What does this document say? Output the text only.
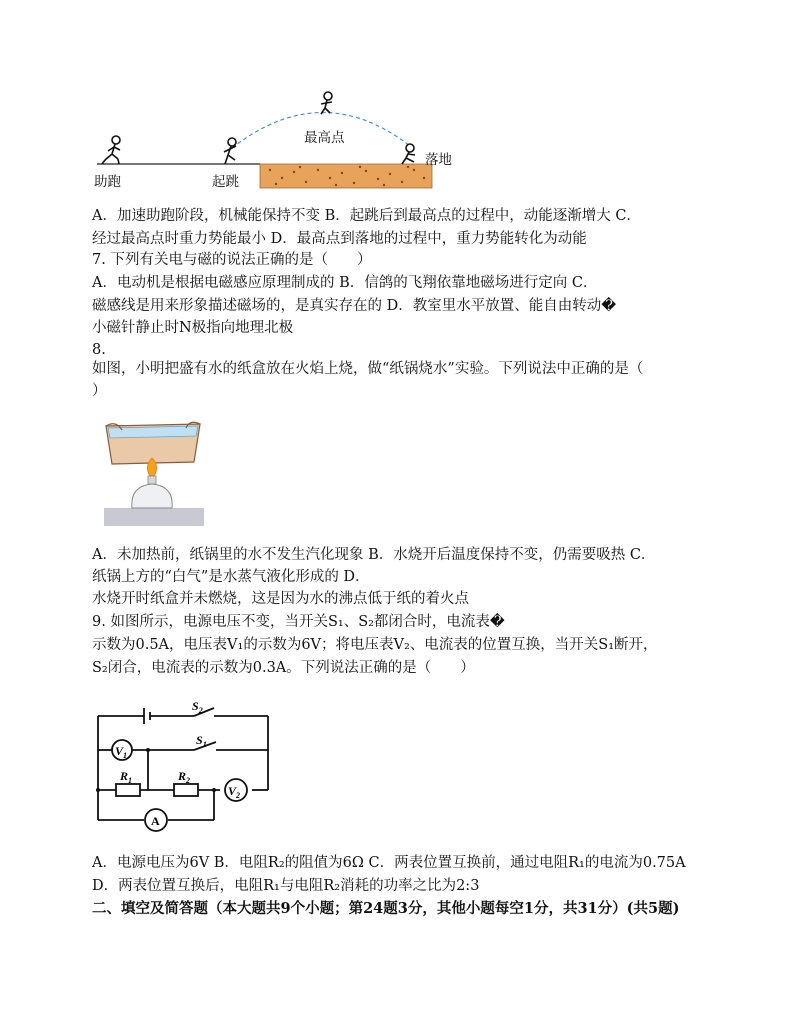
助跑	起跳
最高点
落地
A．加速助跑阶段，机械能保持不变 B．起跳后到最高点的过程中，动能逐渐增大 C．
经过最高点时重力势能最小 D．最高点到落地的过程中，重力势能转化为动能
7. 下列有关电与磁的说法正确的是（　　）
A．电动机是根据电磁感应原理制成的 B．信鸽的飞翔依靠地磁场进行定向 C．
磁感线是用来形象描述磁场的，是真实存在的 D．教室里水平放置、能自由转动�
小磁针静止时N极指向地理北极
8.
如图，小明把盛有水的纸盒放在火焰上烧，做“纸锅烧水”实验。下列说法中正确的是（
）
A．未加热前，纸锅里的水不发生汽化现象 B．水烧开后温度保持不变，仍需要吸热 C．
纸锅上方的“白气”是水蒸气液化形成的 D．
水烧开时纸盒并未燃烧，这是因为水的沸点低于纸的着火点
9. 如图所示，电源电压不变，当开关S₁、S₂都闭合时，电流表�
示数为0.5A，电压表V₁的示数为6V；将电压表V₂、电流表的位置互换，当开关S₁断开，
S₂闭合，电流表的示数为0.3A。下列说法正确的是（　　）
$V_1$
$V_2$
A
$S_2$
$S_1$
$R_1$	$R_2$
A．电源电压为6V B．电阻R₂的阻值为6Ω C．两表位置互换前，通过电阻R₁的电流为0.75A
D．两表位置互换后，电阻R₁与电阻R₂消耗的功率之比为2:3
二、填空及简答题（本大题共9个小题；第24题3分，其他小题每空1分，共31分）(共5题)
